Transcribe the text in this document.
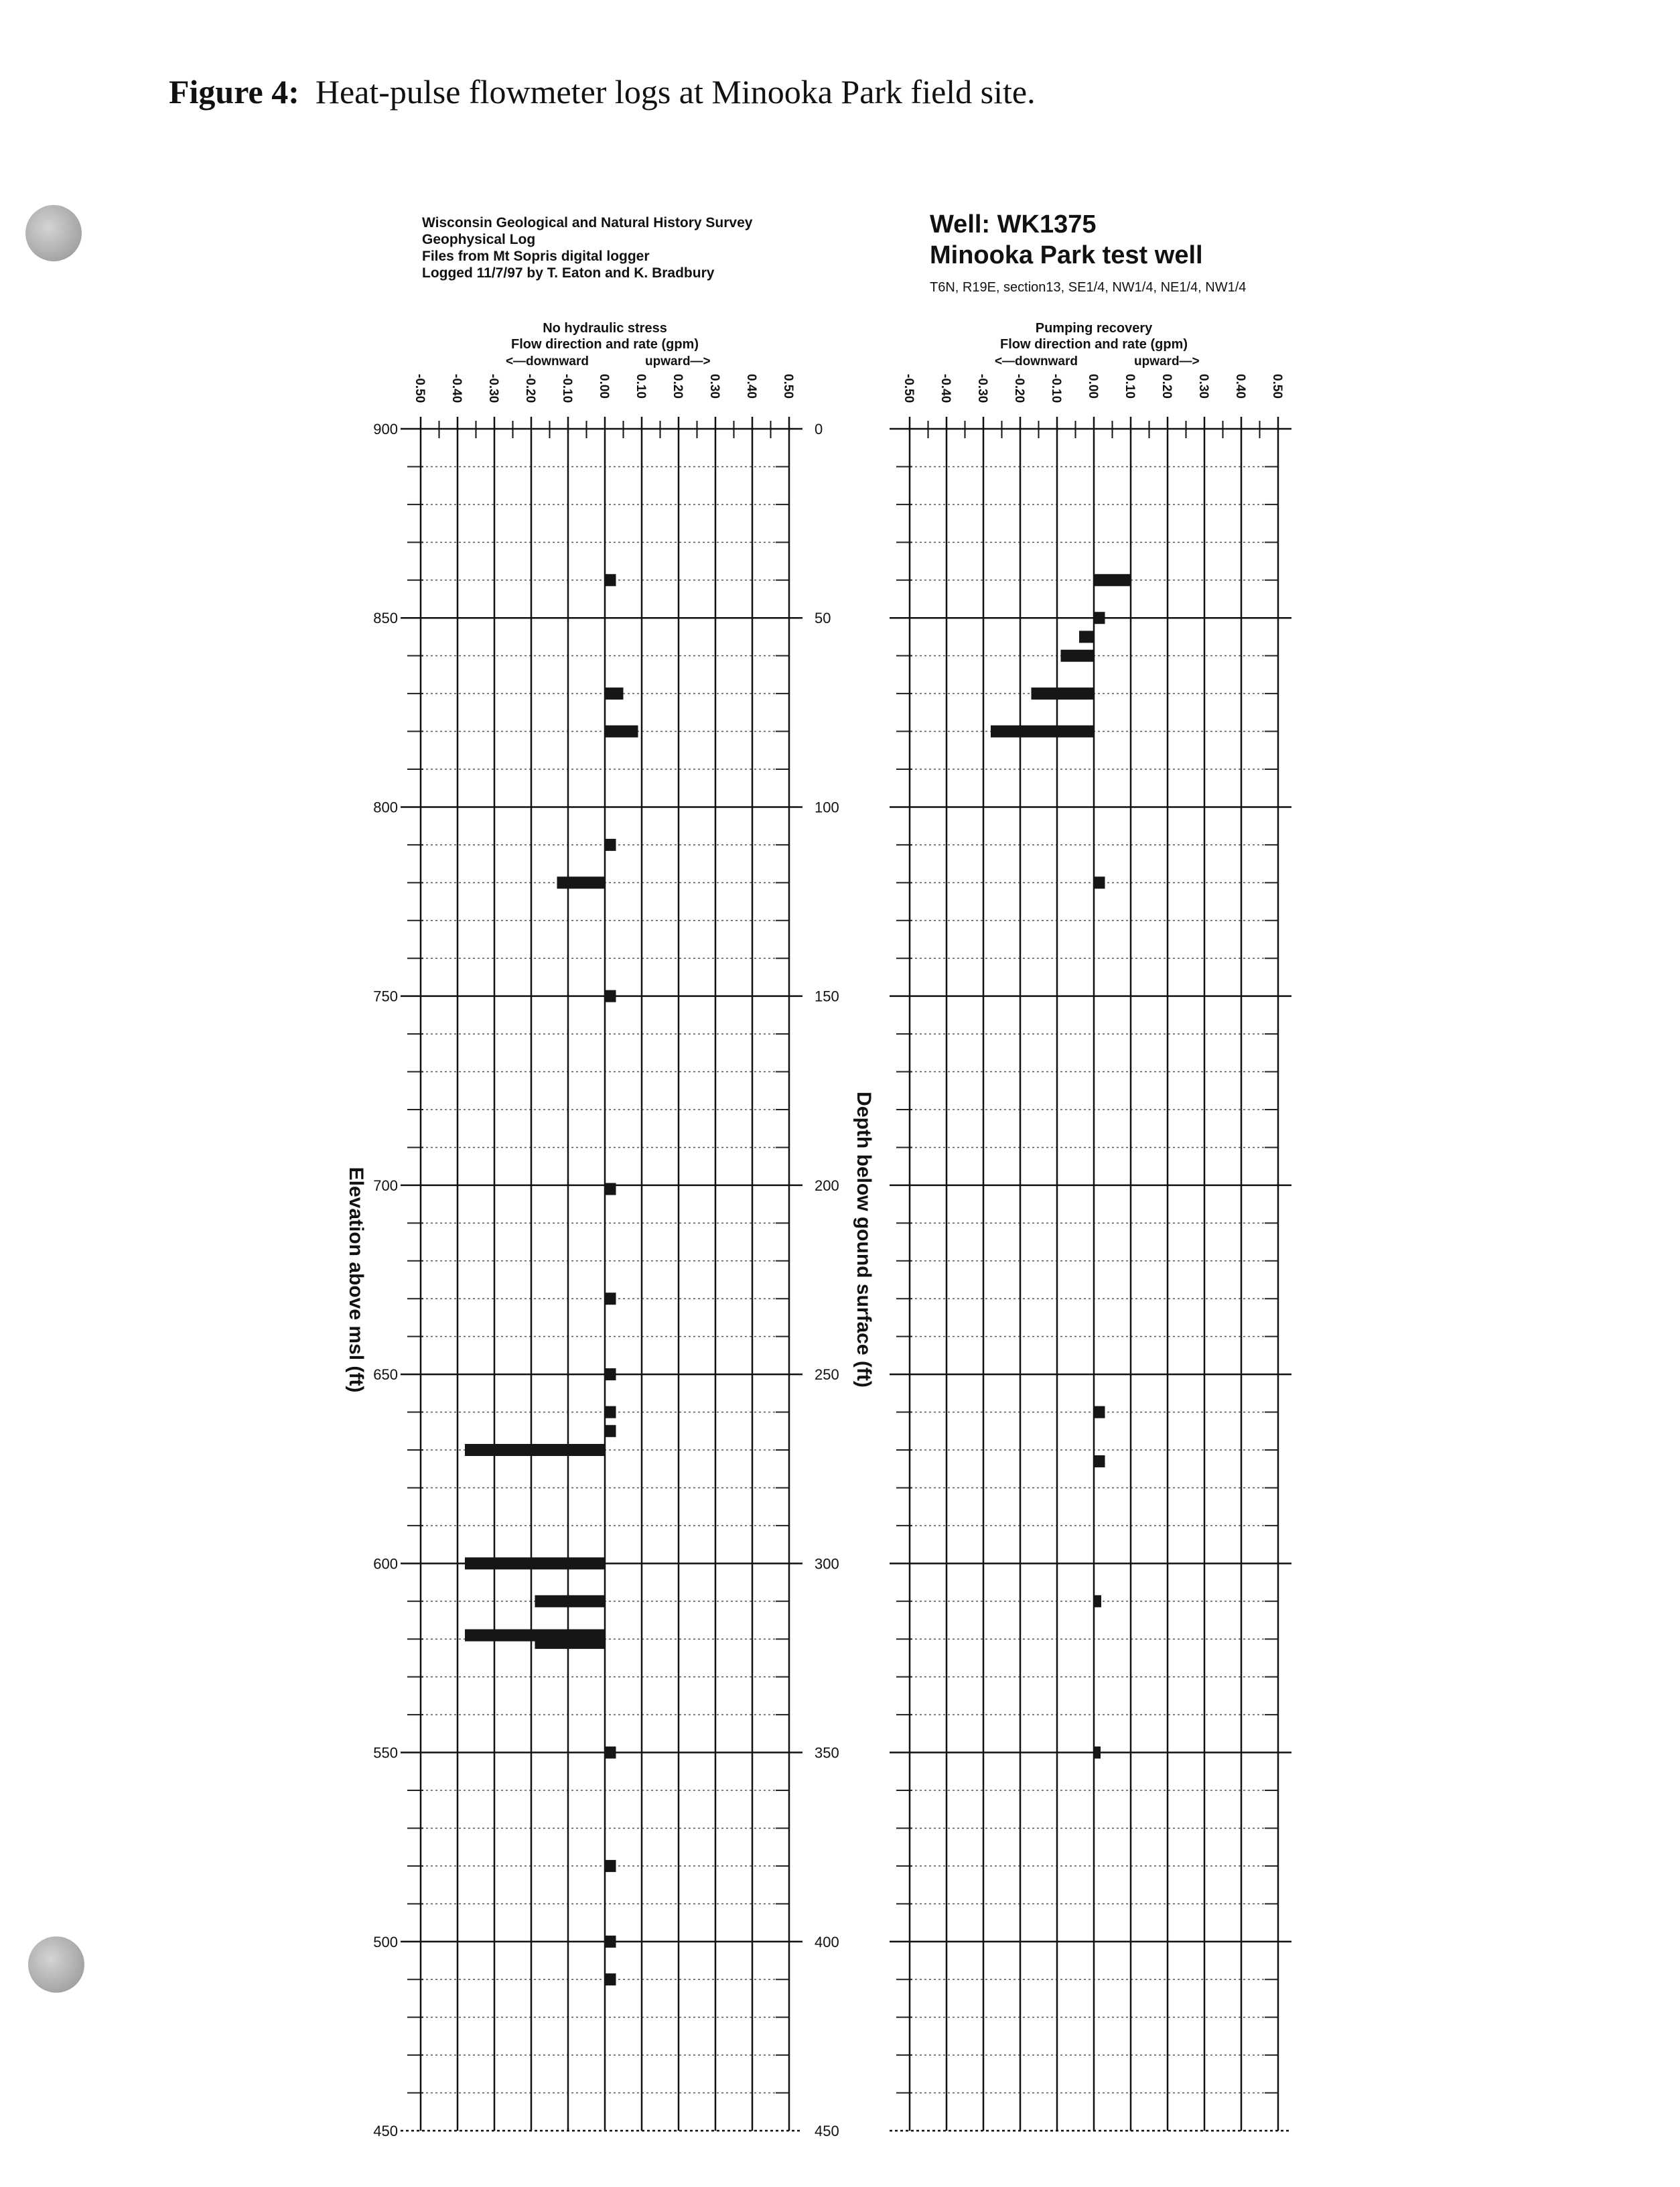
Figure 4: Heat-pulse flowmeter logs at Minooka Park field site.
Wisconsin Geological and Natural History Survey
Geophysical Log
Files from Mt Sopris digital logger
Logged 11/7/97 by T. Eaton and K. Bradbury
Well: WK1375
Minooka Park test well
T6N, R19E, section13, SE1/4, NW1/4, NE1/4, NW1/4
-0.50 -0.40 -0.30 -0.20 -0.10 0.00 0.10 0.20 0.30 0.40 0.50
No hydraulic stress
Flow direction and rate (gpm)
<—downward	upward—>
900
850
800
750
700
650
600
550
500
450
0
50
100
150
200
250
300
350
400
450
Elevation above msl (ft)	Depth below gound surface (ft)
-0.50 -0.40 -0.30 -0.20 -0.10 0.00 0.10 0.20 0.30 0.40 0.50
Pumping recovery
Flow direction and rate (gpm)
<—downward	upward—>
